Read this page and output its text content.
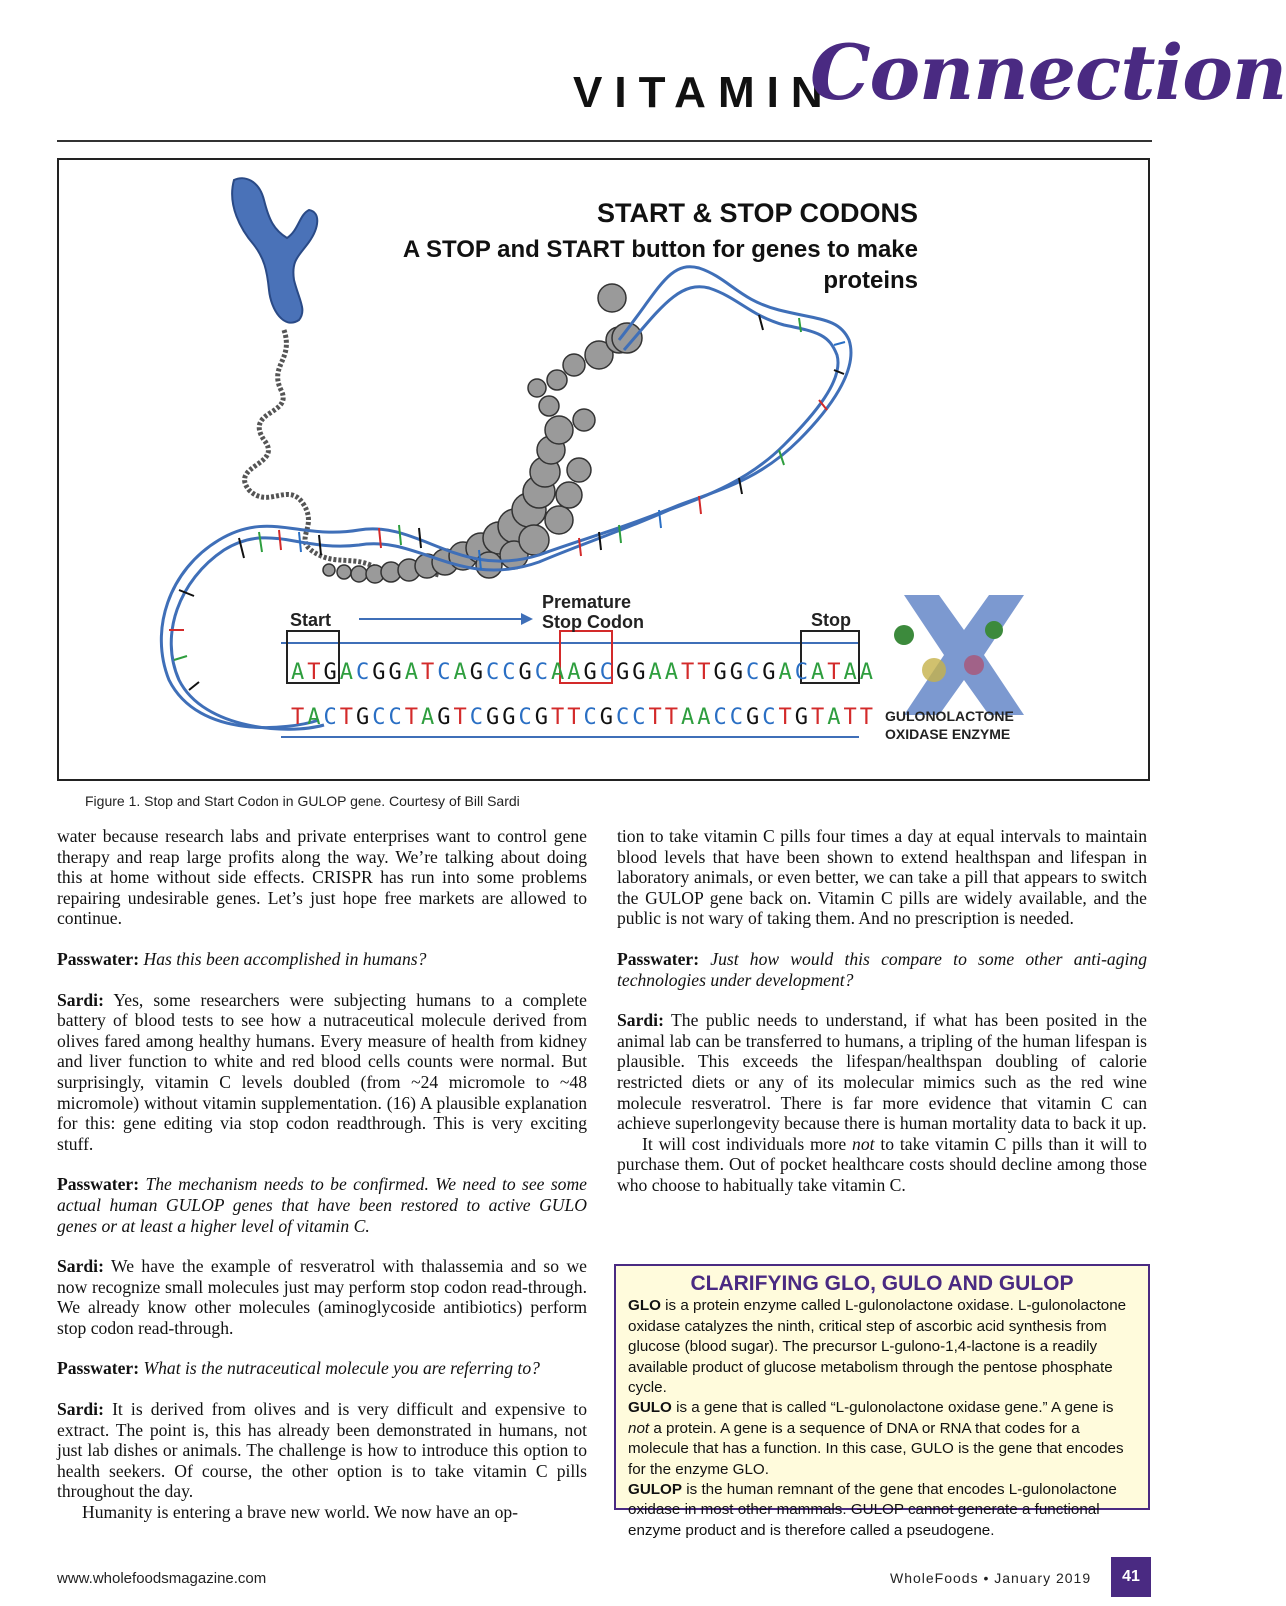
VITAMIN
Connection
START & STOP CODONS
A STOP and START button for genes to make proteins
Start
Premature
Stop Codon	Stop
ATGACGGATCAGCCGCAAGCGGAATTGGCGACATAA
TACTGCCTAGTCGGCGTTCGCCTTAACCGCTGTATT GULONOLACTONE
OXIDASE ENZYME
Figure 1. Stop and Start Codon in GULOP gene. Courtesy of Bill Sardi

water because research labs and private enterprises want to control gene therapy and reap large profits along the way. We’re talking about doing this at home without side effects. CRISPR has run into some problems repairing undesirable genes. Let’s just hope free markets are allowed to continue.

Passwater: Has this been accomplished in humans?

Sardi: Yes, some researchers were subjecting humans to a complete battery of blood tests to see how a nutraceutical molecule derived from olives fared among healthy humans. Every measure of health from kidney and liver function to white and red blood cells counts were normal. But surprisingly, vitamin C levels doubled (from ~24 micromole to ~48 micromole) without vitamin supplementation. (16) A plausible explanation for this: gene editing via stop codon readthrough. This is very exciting stuff.

Passwater: The mechanism needs to be confirmed. We need to see some actual human GULOP genes that have been restored to active GULO genes or at least a higher level of vitamin C.

Sardi: We have the example of resveratrol with thalassemia and so we now recognize small molecules just may perform stop codon read-through. We already know other molecules (aminoglycoside antibiotics) perform stop codon read-through.

Passwater: What is the nutraceutical molecule you are referring to?

Sardi: It is derived from olives and is very difficult and expensive to extract. The point is, this has already been demonstrated in humans, not just lab dishes or animals. The challenge is how to introduce this option to health seekers. Of course, the other option is to take vitamin C pills throughout the day.

Humanity is entering a brave new world. We now have an op-

tion to take vitamin C pills four times a day at equal intervals to maintain blood levels that have been shown to extend healthspan and lifespan in laboratory animals, or even better, we can take a pill that appears to switch the GULOP gene back on. Vitamin C pills are widely available, and the public is not wary of taking them. And no prescription is needed.

Passwater: Just how would this compare to some other anti-aging technologies under development?

Sardi: The public needs to understand, if what has been posited in the animal lab can be transferred to humans, a tripling of the human lifespan is plausible. This exceeds the lifespan/healthspan doubling of calorie restricted diets or any of its molecular mimics such as the red wine molecule resveratrol. There is far more evidence that vitamin C can achieve superlongevity because there is human mortality data to back it up.

It will cost individuals more not to take vitamin C pills than it will to purchase them. Out of pocket healthcare costs should decline among those who choose to habitually take vitamin C.

CLARIFYING GLO, GULO AND GULOP

GLO is a protein enzyme called L-gulonolactone oxidase. L-gulonolactone oxidase catalyzes the ninth, critical step of ascorbic acid synthesis from glucose (blood sugar). The precursor L-gulono-1,4-lactone is a readily available product of glucose metabolism through the pentose phosphate cycle.

GULO is a gene that is called “L-gulonolactone oxidase gene.” A gene is not a protein. A gene is a sequence of DNA or RNA that codes for a molecule that has a function. In this case, GULO is the gene that encodes for the enzyme GLO.

GULOP is the human remnant of the gene that encodes L-gulonolactone oxidase in most other mammals. GULOP cannot generate a functional enzyme product and is therefore called a pseudogene.

www.wholefoodsmagazine.com	WholeFoods • January 2019	41
